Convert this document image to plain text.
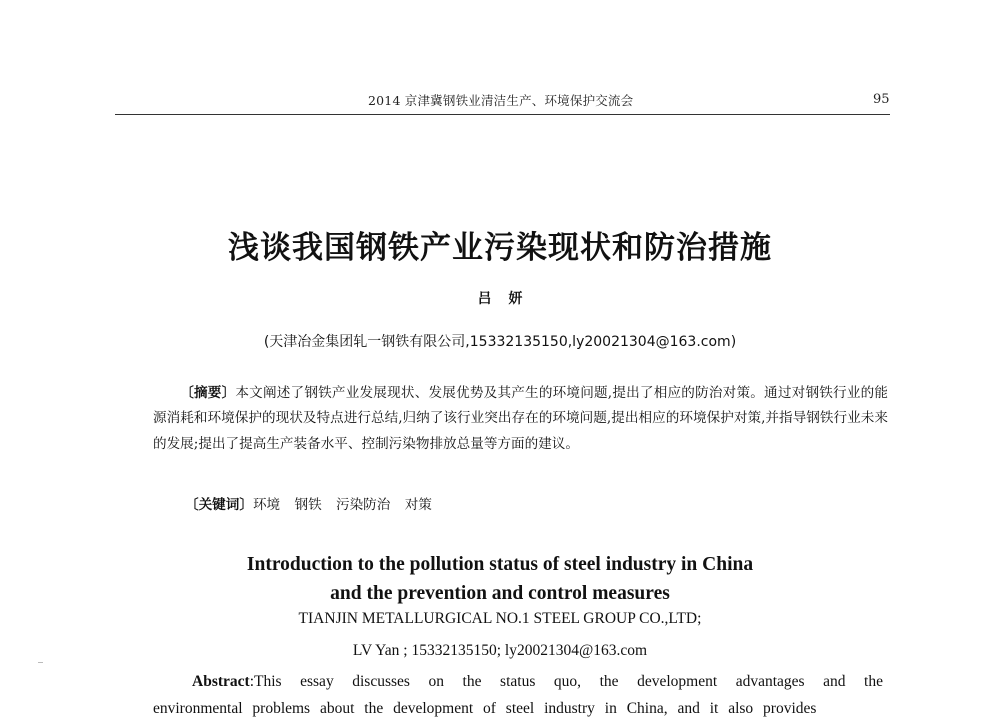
2014 京津冀钢铁业清洁生产、环境保护交流会	95
浅谈我国钢铁产业污染现状和防治措施
吕 妍
(天津冶金集团轧一钢铁有限公司,15332135150,ly20021304@163.com)
〔摘要〕本文阐述了钢铁产业发展现状、发展优势及其产生的环境问题,提出了相应的防治对策。通过对钢铁行业的能源消耗和环境保护的现状及特点进行总结,归纳了该行业突出存在的环境问题,提出相应的环境保护对策,并指导钢铁行业未来的发展;提出了提高生产装备水平、控制污染物排放总量等方面的建议。
〔关键词〕环境 钢铁 污染防治 对策
Introduction to the pollution status of steel industry in China
and the prevention and control measures
TIANJIN METALLURGICAL NO.1 STEEL GROUP CO.,LTD;
LV Yan ; 15332135150; ly20021304@163.com
Abstract:This essay discusses on the status quo, the development advantages and the environmental problems about the development of steel industry in China, and it also provides
